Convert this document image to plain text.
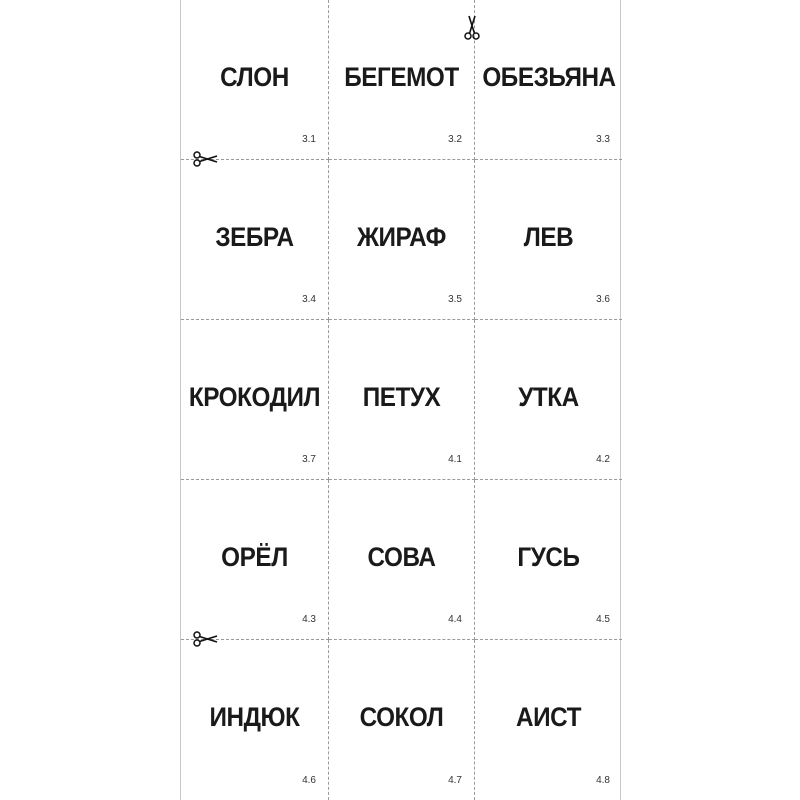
СЛОН
3.1
БЕГЕМОТ
3.2
ОБЕЗЬЯНА
3.3
ЗЕБРА
3.4
ЖИРАФ
3.5
ЛЕВ
3.6
КРОКОДИЛ
3.7
ПЕТУХ
4.1
УТКА
4.2
ОРЁЛ
4.3
СОВА
4.4
ГУСЬ
4.5
ИНДЮК
4.6
СОКОЛ
4.7
АИСТ
4.8
